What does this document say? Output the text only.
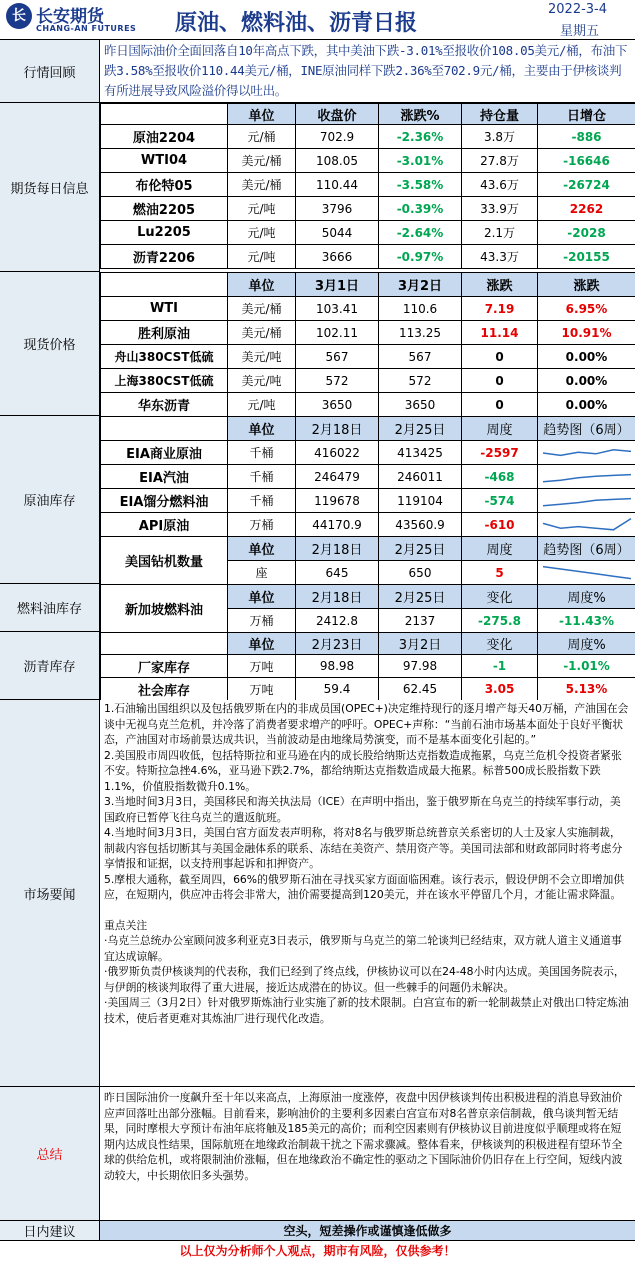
长 长安期货
CHANG-AN FUTURES 原油、燃料油、沥青日报
2022-3-4
星期五
行情回顾
期货每日信息
现货价格
原油库存
燃料油库存
沥青库存
市场要闻
总结
日内建议
昨日国际油价全面回落自10年高点下跌，其中美油下跌-3.01%至报收价108.05美元/桶，布油下跌3.58%至报收价110.44美元/桶，INE原油同样下跌2.36%至702.9元/桶，主要由于伊核谈判有所进展导致风险溢价得以吐出。
	单位	收盘价	涨跌%	持仓量	日增仓
原油2204	元/桶	702.9	-2.36%	3.8万	-886
WTI04	美元/桶	108.05	-3.01%	27.8万	-16646
布伦特05	美元/桶	110.44	-3.58%	43.6万	-26724
燃油2205	元/吨	3796	-0.39%	33.9万	2262
Lu2205	元/吨	5044	-2.64%	2.1万	-2028
沥青2206	元/吨	3666	-0.97%	43.3万	-20155
	单位	3月1日	3月2日	涨跌	涨跌
WTI	美元/桶	103.41	110.6	7.19	6.95%
胜利原油	美元/桶	102.11	113.25	11.14	10.91%
舟山380CST低硫	美元/吨	567	567	0	0.00%
上海380CST低硫	美元/吨	572	572	0	0.00%
华东沥青	元/吨	3650	3650	0	0.00%
	单位	2月18日	2月25日	周度	趋势图（6周）
EIA商业原油	千桶	416022	413425	-2597	

EIA汽油	千桶	246479	246011	-468	

EIA馏分燃料油	千桶	119678	119104	-574	

API原油	万桶	44170.9	43560.9	-610	

美国钻机数量	单位	2月18日	2月25日	周度	趋势图（6周）
	座	645	650	5	
新加坡燃料油	单位	2月18日	2月25日	变化	周度%
	万桶	2412.8	2137	-275.8	-11.43%
	单位	2月23日	3月2日	变化	周度%
厂家库存	万吨	98.98	97.98	-1	-1.01%
社会库存	万吨	59.4	62.45	3.05	5.13%

1.石油输出国组织以及包括俄罗斯在内的非成员国(OPEC+)决定维持现行的逐月增产每天40万桶，产油国在会谈中无视乌克兰危机，并冷落了消费者要求增产的呼吁。OPEC+声称：“当前石油市场基本面处于良好平衡状态，产油国对市场前景达成共识，当前波动是由地缘局势演变，而不是基本面变化引起的。”

2.美国股市周四收低，包括特斯拉和亚马逊在内的成长股给纳斯达克指数造成拖累，乌克兰危机令投资者紧张不安。特斯拉急挫4.6%，亚马逊下跌2.7%，都给纳斯达克指数造成最大拖累。标普500成长股指数下跌1.1%，价值股指数微升0.1%。

3.当地时间3月3日，美国移民和海关执法局（ICE）在声明中指出，鉴于俄罗斯在乌克兰的持续军事行动，美国政府已暂停飞往乌克兰的遣返航班。

4.当地时间3月3日，美国白宫方面发表声明称，将对8名与俄罗斯总统普京关系密切的人士及家人实施制裁，制裁内容包括切断其与美国金融体系的联系、冻结在美资产、禁用资产等。美国司法部和财政部同时将考虑分享情报和证据，以支持刑事起诉和扣押资产。

5.摩根大通称，截至周四，66%的俄罗斯石油在寻找买家方面面临困难。该行表示，假设伊朗不会立即增加供应，在短期内，供应冲击将会非常大，油价需要提高到120美元，并在该水平停留几个月，才能让需求降温。

重点关注

·乌克兰总统办公室顾问波多利亚克3日表示，俄罗斯与乌克兰的第二轮谈判已经结束，双方就人道主义通道事宜达成谅解。

·俄罗斯负责伊核谈判的代表称，我们已经到了终点线，伊核协议可以在24-48小时内达成。美国国务院表示，与伊朗的核谈判取得了重大进展，接近达成潜在的协议。但一些棘手的问题仍未解决。

·美国周三（3月2日）针对俄罗斯炼油行业实施了新的技术限制。白宫宣布的新一轮制裁禁止对俄出口特定炼油技术，使后者更难对其炼油厂进行现代化改造。

昨日国际油价一度飙升至十年以来高点，上海原油一度涨停，夜盘中因伊核谈判传出积极进程的消息导致油价应声回落吐出部分涨幅。目前看来，影响油价的主要利多因素白宫宣布对8名普京亲信制裁，俄乌谈判暂无结果，同时摩根大亨预计布油年底将触及185美元的高价；而利空因素则有伊核协议目前进度似乎顺理或将在短期内达成良性结果，国际航班在地缘政治制裁干扰之下需求骤减。整体看来，伊核谈判的积极进程有望环节全球的供给危机，或将限制油价涨幅，但在地缘政治不确定性的驱动之下国际油价仍旧存在上行空间，短线内波动较大，中长期依旧多头强势。
空头，短差操作或谨慎逢低做多
以上仅为分析师个人观点，期市有风险，仅供参考！
